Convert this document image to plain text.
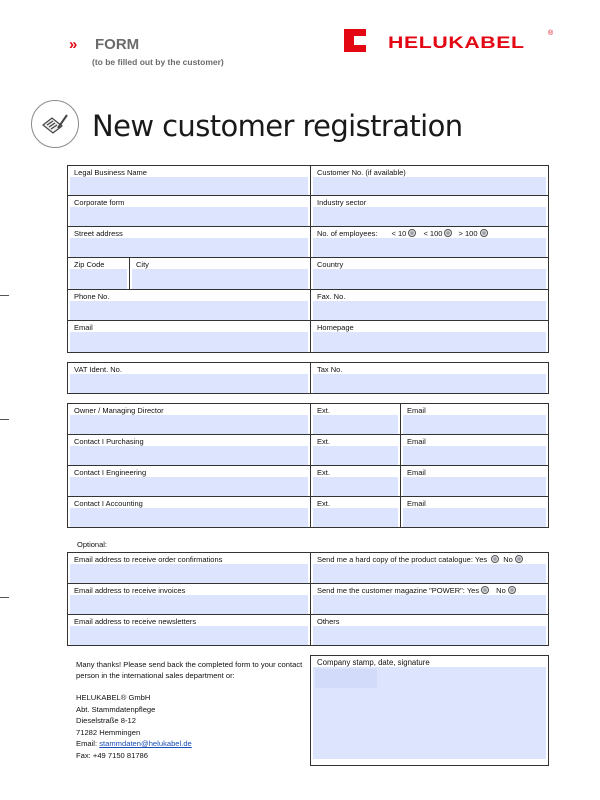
» FORM
(to be filled out by the customer)
HELUKABEL	®
New customer registration
Legal Business Name	Customer No. (if available)
Corporate form	Industry sector
Street address	No. of employees: < 10 < 100 > 100
Zip Code	City	Country
Phone No.	Fax. No.
Email	Homepage
VAT Ident. No.	Tax No.
Owner / Managing Director	Ext.	Email
Contact I Purchasing	Ext.	Email
Contact I Engineering	Ext.	Email
Contact I Accounting	Ext.	Email
Optional:
Email address to receive order confirmations	Send me a hard copy of the product catalogue: Yes No
Email address to receive invoices	Send me the customer magazine "POWER": Yes No
Email address to receive newsletters	Others
Many thanks! Please send back the completed form to your contact person in the international sales department or:
HELUKABEL® GmbH
Abt. Stammdatenpflege
Dieselstraße 8-12
71282 Hemmingen
Email: stammdaten@helukabel.de
Fax: +49 7150 81786
Company stamp, date, signature
